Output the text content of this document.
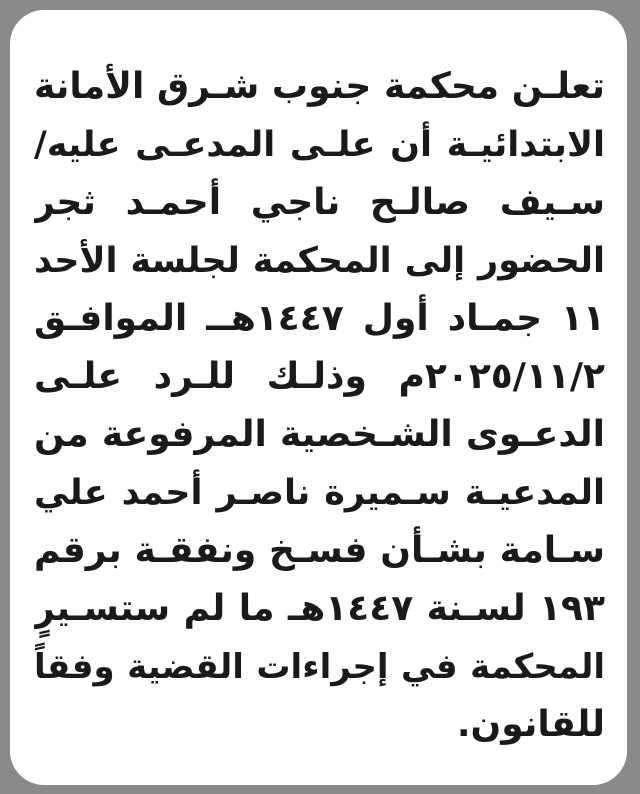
تعلـن محكمة جنوب شـرق الأمانة
الابتدائيـة أن علـى المدعـى عليه/
سـيف صالـح ناجي أحمـد ثجر
الحضور إلى المحكمة لجلسة الأحد
١١ جمـاد أول ١٤٤٧هــ الموافـق
٢٠٢٥/١١/٢م وذلـك للـرد علـى
الدعـوى الشـخصية المرفوعة من
المدعيـة سـميرة ناصـر أحمد علي
سـامة بشـأن فسـخ ونفقـة برقم
١٩٣ لسـنة ١٤٤٧هـ ما لم ستسـيرٍ
المحكمة في إجراءات القضية وفقاً
للقانون.
